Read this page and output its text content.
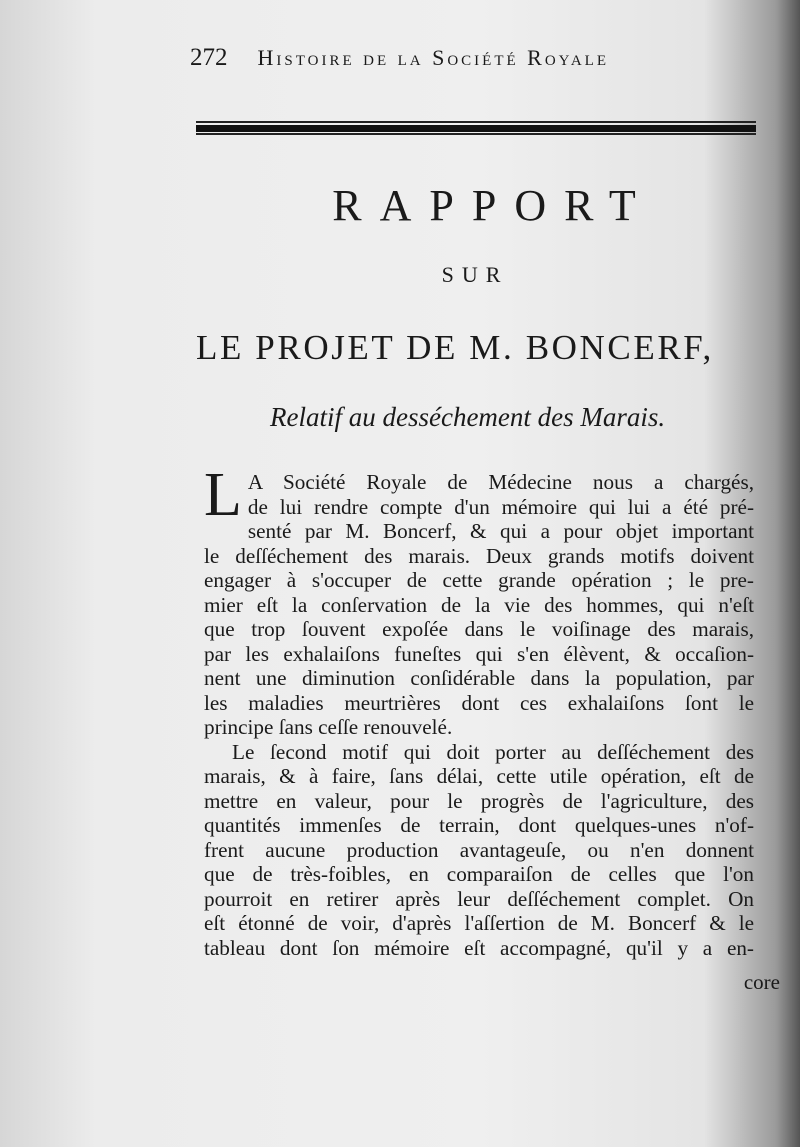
272 Histoire de la Société Royale
RAPPORT
SUR
LE PROJET DE M. BONCERF,
Relatif au desséchement des Marais.
L A Société Royale de Médecine nous a chargés,
de lui rendre compte d'un mémoire qui lui a été pré-
senté par M. Boncerf, & qui a pour objet important
le deſſéchement des marais. Deux grands motifs doivent
engager à s'occuper de cette grande opération ; le pre-
mier eſt la conſervation de la vie des hommes, qui n'eſt
que trop ſouvent expoſée dans le voiſinage des marais,
par les exhalaiſons funeſtes qui s'en élèvent, & occaſion-
nent une diminution conſidérable dans la population, par
les maladies meurtrières dont ces exhalaiſons ſont le
principe ſans ceſſe renouvelé.
Le ſecond motif qui doit porter au deſſéchement des
marais, & à faire, ſans délai, cette utile opération, eſt de
mettre en valeur, pour le progrès de l'agriculture, des
quantités immenſes de terrain, dont quelques-unes n'of-
frent aucune production avantageuſe, ou n'en donnent
que de très-foibles, en comparaiſon de celles que l'on
pourroit en retirer après leur deſſéchement complet. On
eſt étonné de voir, d'après l'aſſertion de M. Boncerf & le
tableau dont ſon mémoire eſt accompagné, qu'il y a en-
core
